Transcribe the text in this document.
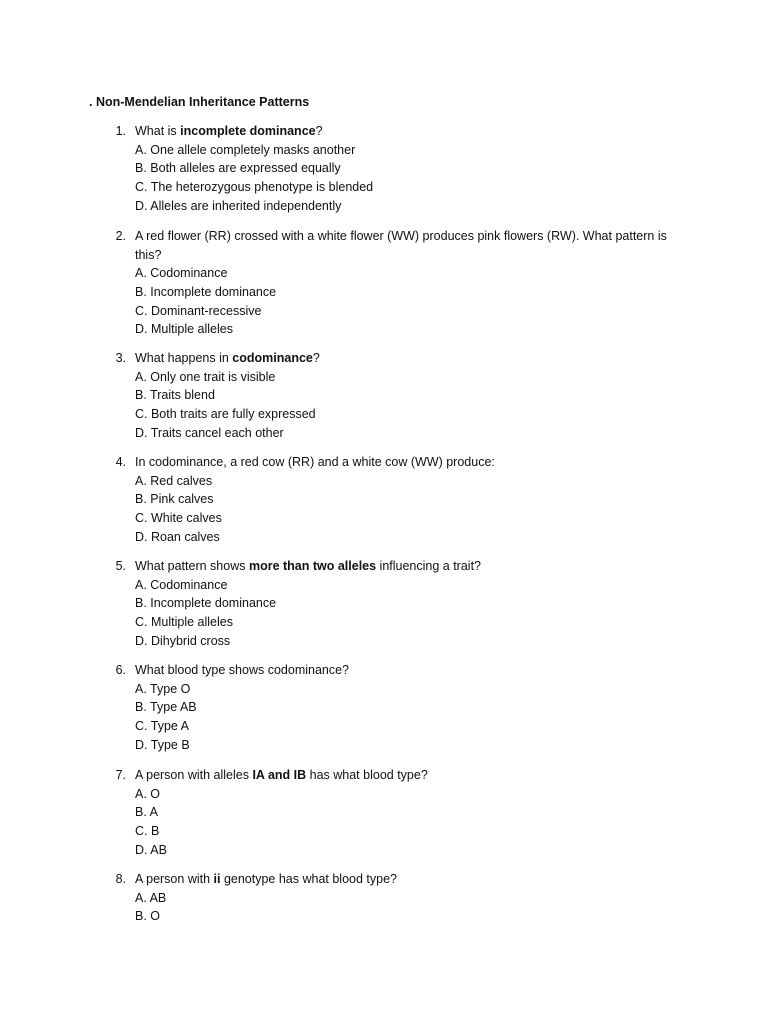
. Non-Mendelian Inheritance Patterns
1. What is incomplete dominance?
A. One allele completely masks another
B. Both alleles are expressed equally
C. The heterozygous phenotype is blended
D. Alleles are inherited independently
2. A red flower (RR) crossed with a white flower (WW) produces pink flowers (RW). What pattern is this?
A. Codominance
B. Incomplete dominance
C. Dominant-recessive
D. Multiple alleles
3. What happens in codominance?
A. Only one trait is visible
B. Traits blend
C. Both traits are fully expressed
D. Traits cancel each other
4. In codominance, a red cow (RR) and a white cow (WW) produce:
A. Red calves
B. Pink calves
C. White calves
D. Roan calves
5. What pattern shows more than two alleles influencing a trait?
A. Codominance
B. Incomplete dominance
C. Multiple alleles
D. Dihybrid cross
6. What blood type shows codominance?
A. Type O
B. Type AB
C. Type A
D. Type B
7. A person with alleles IA and IB has what blood type?
A. O
B. A
C. B
D. AB
8. A person with ii genotype has what blood type?
A. AB
B. O
